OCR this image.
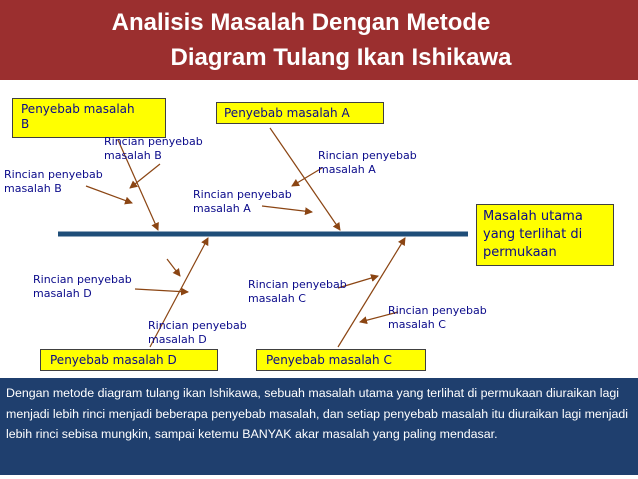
Analisis Masalah Dengan Metode
Diagram Tulang Ikan Ishikawa
Penyebab masalah
B
Penyebab masalah A
Penyebab masalah D	Penyebab masalah C
Masalah utama
yang terlihat di
permukaan
Rincian penyebab
masalah B
Rincian penyebab
masalah B
Rincian penyebab
masalah A
Rincian penyebab
masalah A
Rincian penyebab
masalah D
Rincian penyebab
masalah D
Rincian penyebab
masalah C
Rincian penyebab
masalah C

Dengan metode diagram tulang ikan Ishikawa, sebuah masalah utama yang terlihat di permukaan diuraikan lagi menjadi lebih rinci menjadi beberapa penyebab masalah, dan setiap penyebab masalah itu diuraikan lagi menjadi lebih rinci sebisa mungkin, sampai ketemu BANYAK akar masalah yang paling mendasar.
